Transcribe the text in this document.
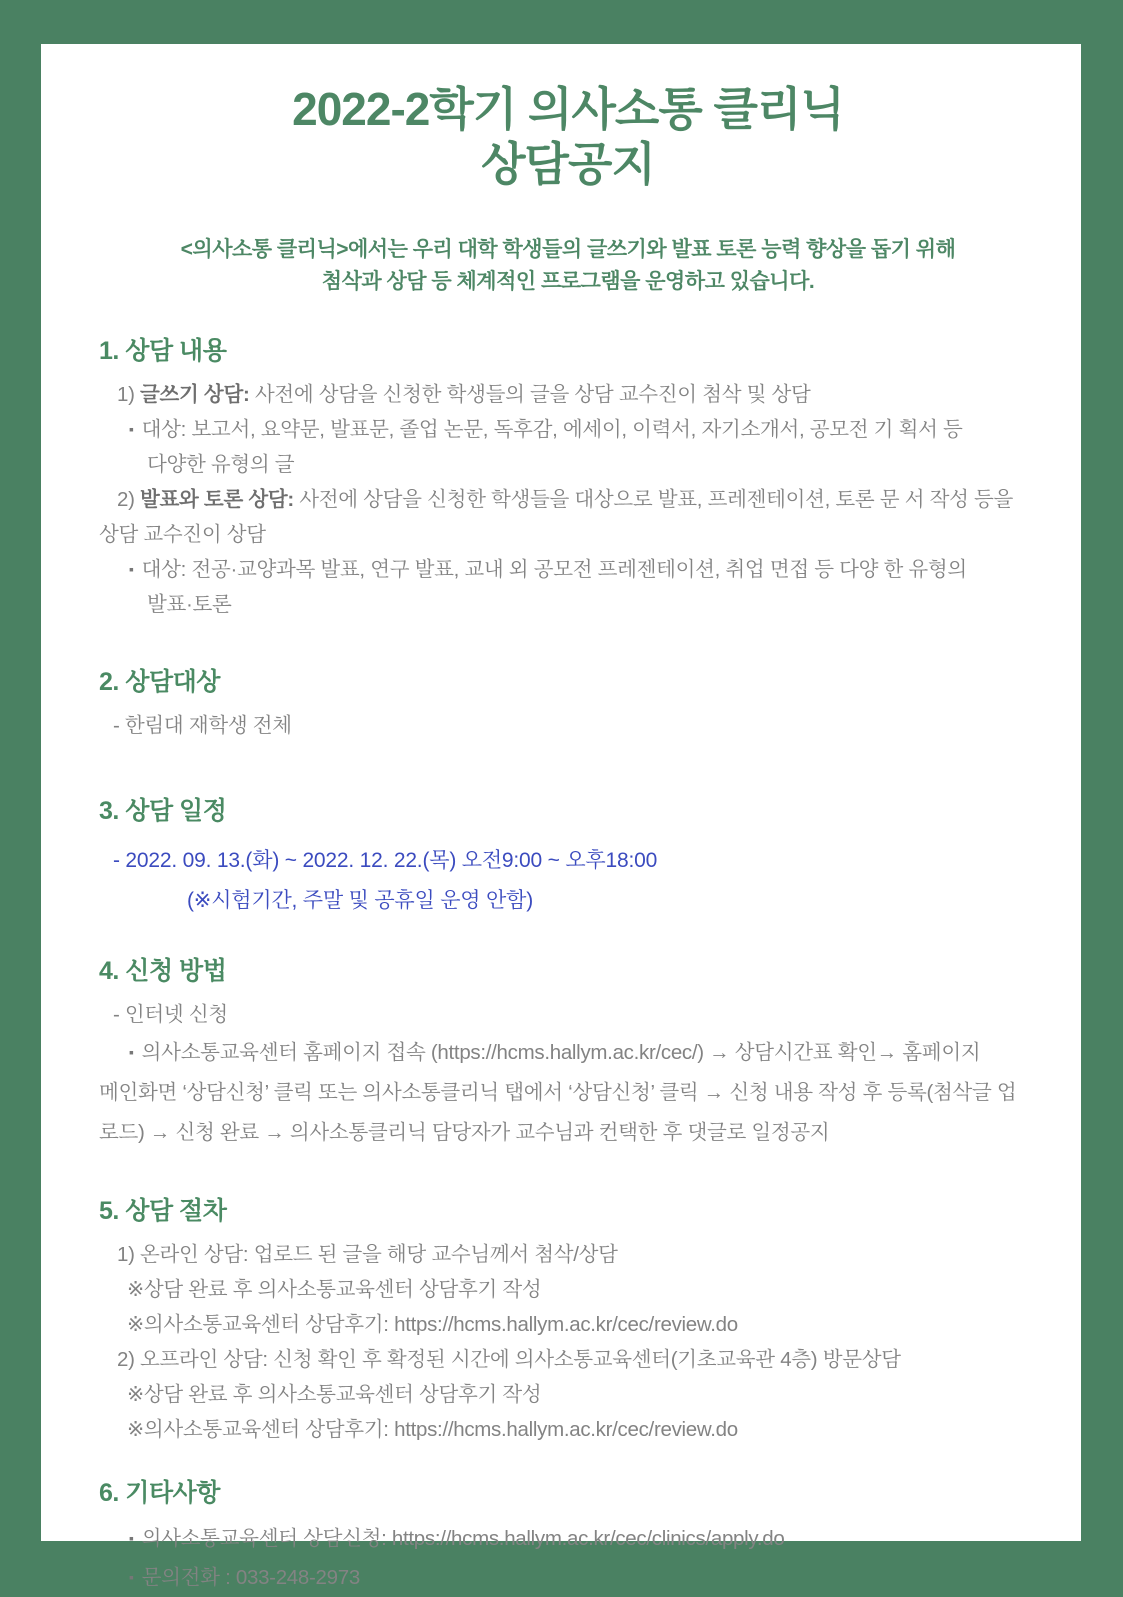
2022-2학기 의사소통 클리닉
상담공지
<의사소통 클리닉>에서는 우리 대학 학생들의 글쓰기와 발표 토론 능력 향상을 돕기 위해
첨삭과 상담 등 체계적인 프로그램을 운영하고 있습니다.
1. 상담 내용
1) 글쓰기 상담: 사전에 상담을 신청한 학생들의 글을 상담 교수진이 첨삭 및 상담
▪ 대상: 보고서, 요약문, 발표문, 졸업 논문, 독후감, 에세이, 이력서, 자기소개서, 공모전 기 획서 등
다양한 유형의 글
2) 발표와 토론 상담: 사전에 상담을 신청한 학생들을 대상으로 발표, 프레젠테이션, 토론 문 서 작성 등을
상담 교수진이 상담
▪ 대상: 전공·교양과목 발표, 연구 발표, 교내 외 공모전 프레젠테이션, 취업 면접 등 다양 한 유형의
발표·토론
2. 상담대상
- 한림대 재학생 전체
3. 상담 일정
- 2022. 09. 13.(화) ~ 2022. 12. 22.(목) 오전9:00 ~ 오후18:00
(※시험기간, 주말 및 공휴일 운영 안함)
4. 신청 방법
- 인터넷 신청
▪ 의사소통교육센터 홈페이지 접속 (https://hcms.hallym.ac.kr/cec/) → 상담시간표 확인→ 홈페이지
메인화면 ‘상담신청’ 클릭 또는 의사소통클리닉 탭에서 ‘상담신청’ 클릭 → 신청 내용 작성 후 등록(첨삭글 업
로드) → 신청 완료 → 의사소통클리닉 담당자가 교수님과 컨택한 후 댓글로 일정공지
5. 상담 절차
1) 온라인 상담: 업로드 된 글을 해당 교수님께서 첨삭/상담
※상담 완료 후 의사소통교육센터 상담후기 작성
※의사소통교육센터 상담후기: https://hcms.hallym.ac.kr/cec/review.do
2) 오프라인 상담: 신청 확인 후 확정된 시간에 의사소통교육센터(기초교육관 4층) 방문상담
※상담 완료 후 의사소통교육센터 상담후기 작성
※의사소통교육센터 상담후기: https://hcms.hallym.ac.kr/cec/review.do
6. 기타사항
▪ 의사소통교육센터 상담신청: https://hcms.hallym.ac.kr/cec/clinics/apply.do
▪ 문의전화 : 033-248-2973
